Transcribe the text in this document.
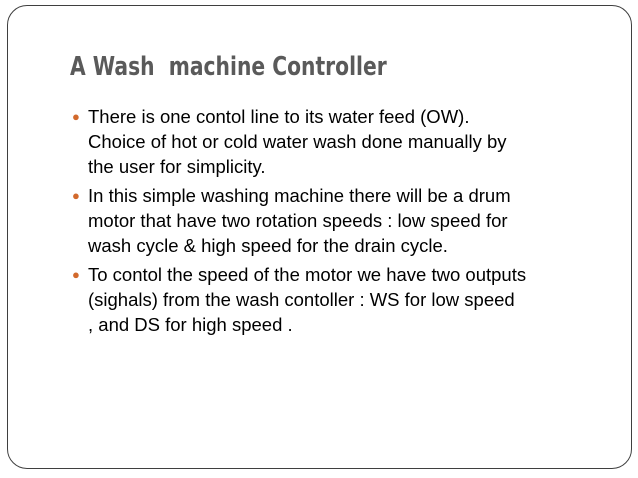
A Wash  machine Controller
● There is one contol line to its water feed (OW).
Choice of hot or cold water wash done manually by
the user for simplicity.
● In this simple washing machine there will be a drum
motor that have two rotation speeds : low speed for
wash cycle & high speed for the drain cycle.
● To contol the speed of the motor we have two outputs
(sighals) from the wash contoller : WS for low speed
, and DS for high speed .
